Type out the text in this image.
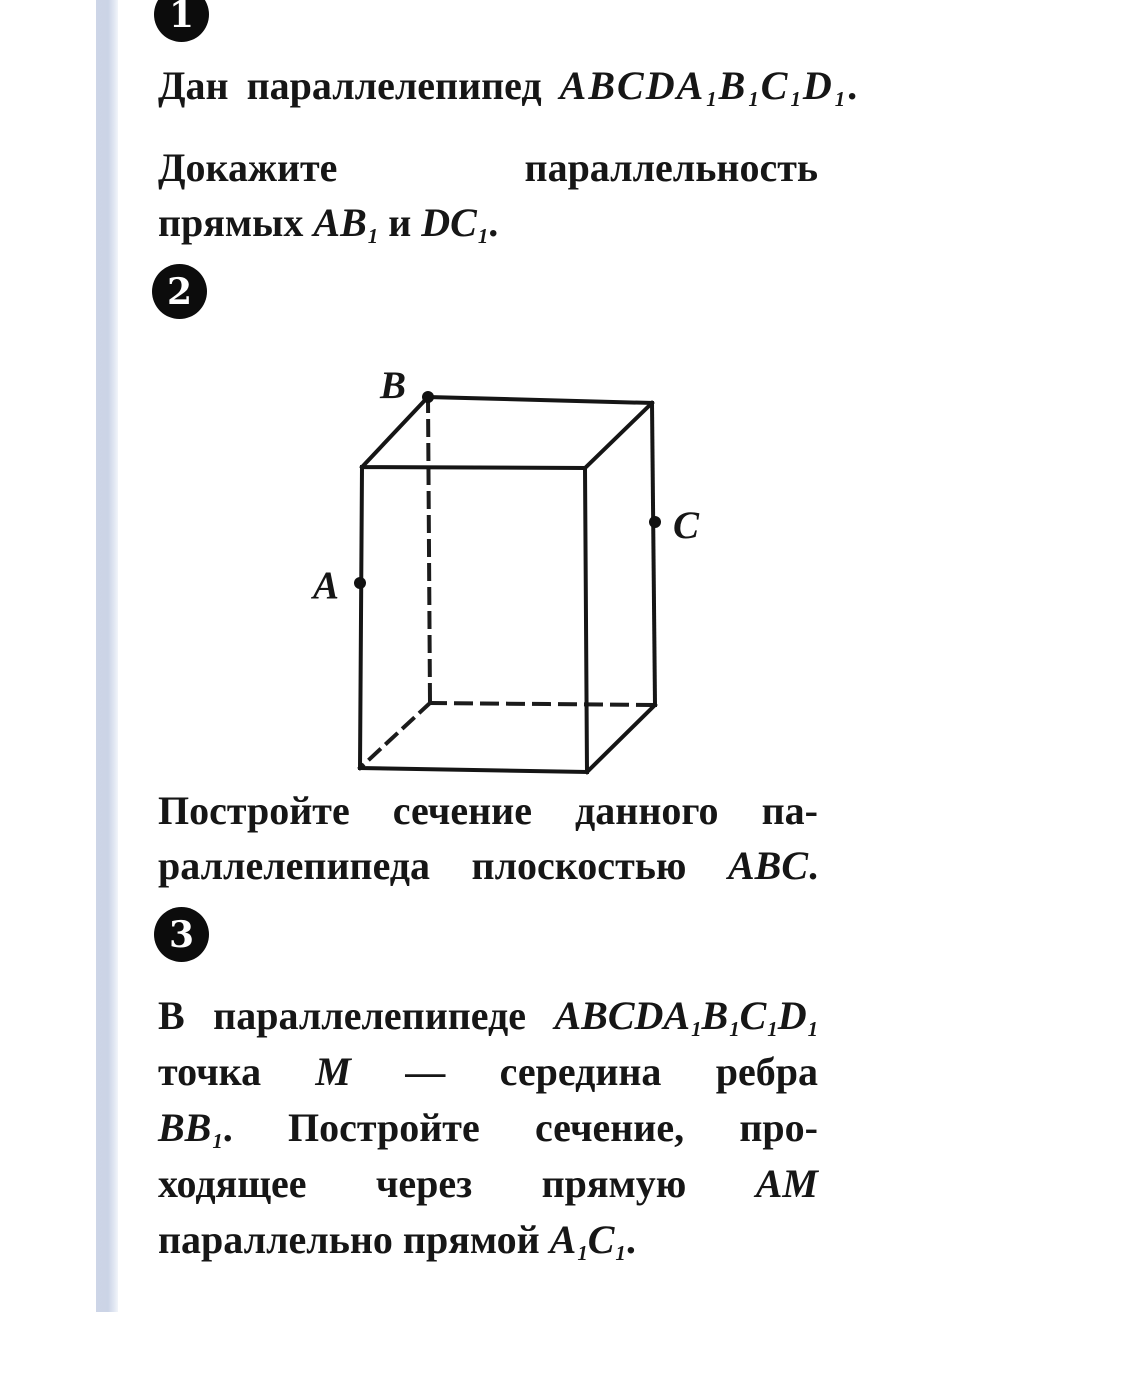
1
Дан параллелепипед $ABCDA_1B_1C_1D_1$.
Докажите	параллельность
прямых $AB_1$ и $DC_1$.
2
B
A
C
Постройте сечение данного па-
раллелепипеда плоскостью ABC.
3
В параллелепипеде $ABCDA_1B_1C_1D_1$
точка M — середина ребра
$BB_1$. Постройте сечение, про-
ходящее через прямую AM
параллельно прямой $A_1C_1$.
